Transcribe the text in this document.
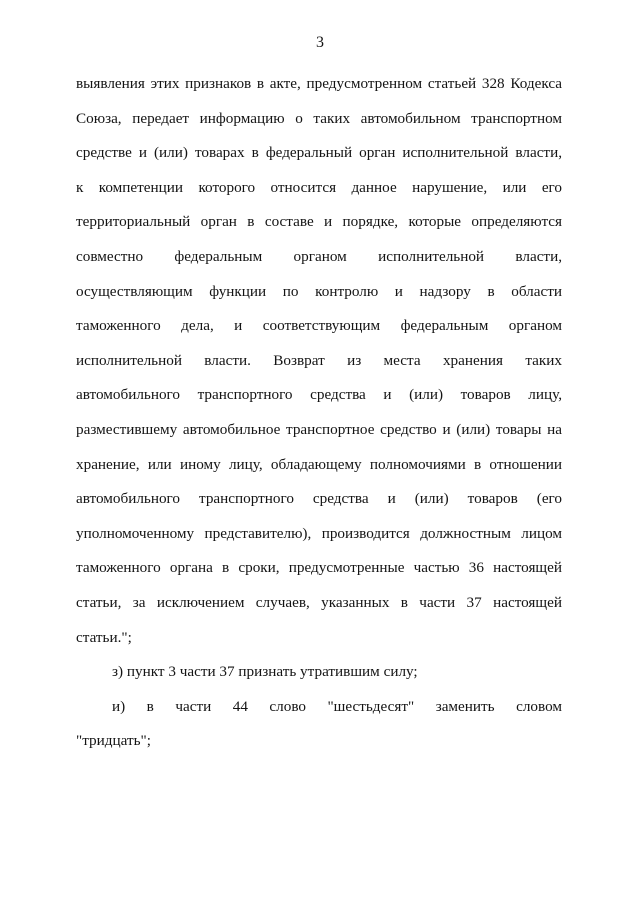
3
выявления этих признаков в акте, предусмотренном статьей 328 Кодекса
Союза, передает информацию о таких автомобильном транспортном
средстве и (или) товарах в федеральный орган исполнительной власти,
к компетенции которого относится данное нарушение, или его
территориальный орган в составе и порядке, которые определяются
совместно федеральным органом исполнительной власти,
осуществляющим функции по контролю и надзору в области
таможенного дела, и соответствующим федеральным органом
исполнительной власти. Возврат из места хранения таких
автомобильного транспортного средства и (или) товаров лицу,
разместившему автомобильное транспортное средство и (или) товары на
хранение, или иному лицу, обладающему полномочиями в отношении
автомобильного транспортного средства и (или) товаров (его
уполномоченному представителю), производится должностным лицом
таможенного органа в сроки, предусмотренные частью 36 настоящей
статьи, за исключением случаев, указанных в части 37 настоящей
статьи.";
з) пункт 3 части 37 признать утратившим силу;
и) в части 44 слово "шестьдесят" заменить словом
"тридцать";
